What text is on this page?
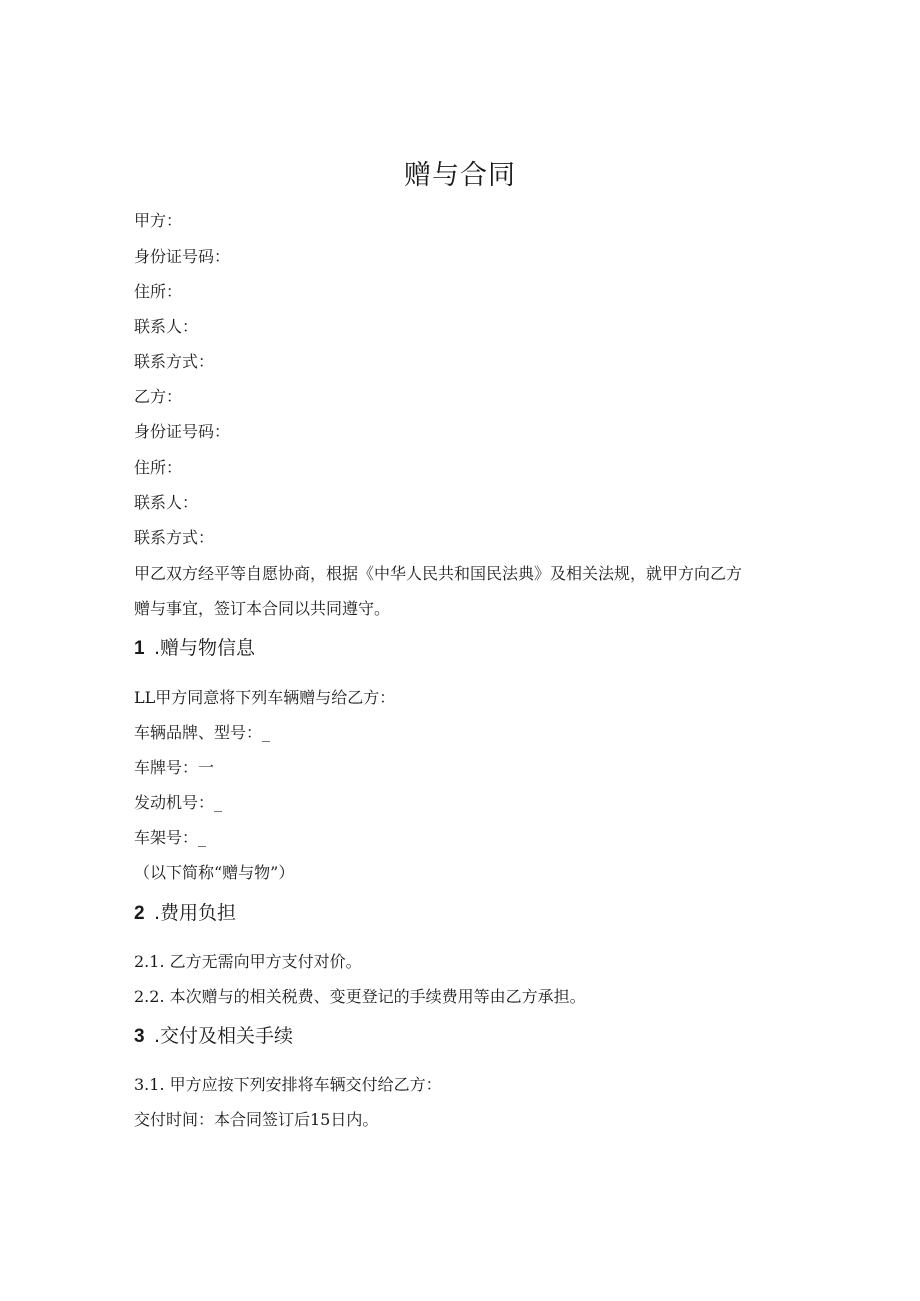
赠与合同
甲方：
身份证号码：
住所：
联系人：
联系方式：
乙方：
身份证号码：
住所：
联系人：
联系方式：
甲乙双方经平等自愿协商，根据《中华人民共和国民法典》及相关法规，就甲方向乙方
赠与事宜，签订本合同以共同遵守。
1 .赠与物信息
LL甲方同意将下列车辆赠与给乙方：
车辆品牌、型号：_
车牌号：一
发动机号：_
车架号：_
（以下简称“赠与物”）
2 .费用负担
2.1. 乙方无需向甲方支付对价。
2.2. 本次赠与的相关税费、变更登记的手续费用等由乙方承担。
3 .交付及相关手续
3.1. 甲方应按下列安排将车辆交付给乙方：
交付时间：本合同签订后15日内。
